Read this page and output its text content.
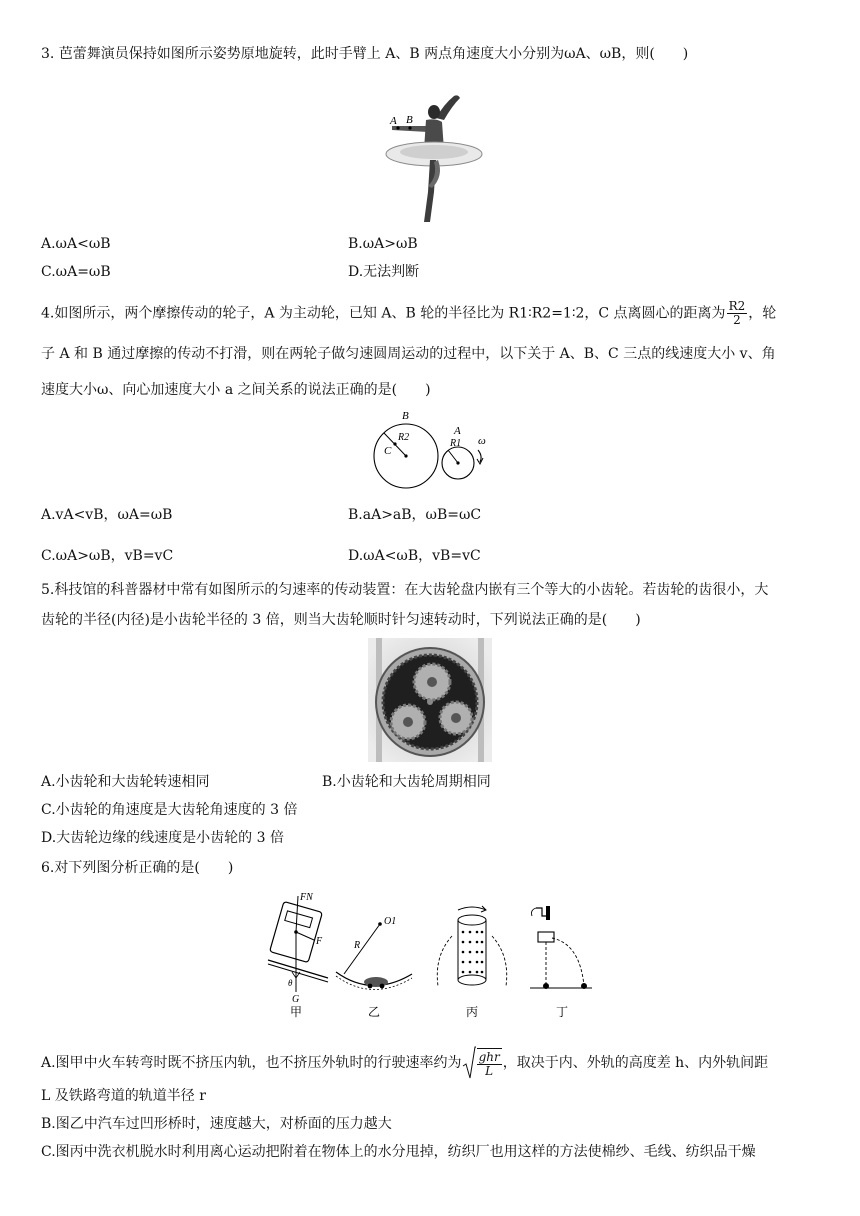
3. 芭蕾舞演员保持如图所示姿势原地旋转，此时手臂上 A、B 两点角速度大小分别为ωA、ωB，则(　　)
A B
A.ωA<ωB	B.ωA>ωB
C.ωA=ωB	D.无法判断
4.如图所示，两个摩擦传动的轮子，A 为主动轮，已知 A、B 轮的半径比为 R1∶R2=1∶2，C 点离圆心的距离为 $\frac{R2}{2}$ ，轮
子 A 和 B 通过摩擦的传动不打滑，则在两轮子做匀速圆周运动的过程中，以下关于 A、B、C 三点的线速度大小 v、角
速度大小ω、向心加速度大小 a 之间关系的说法正确的是(　　)
B
A
R2
R1
C
ω
A.vA<vB，ωA=ωB	B.aA>aB，ωB=ωC
C.ωA>ωB，vB=vC	D.ωA<ωB，vB=vC
5.科技馆的科普器材中常有如图所示的匀速率的传动装置：在大齿轮盘内嵌有三个等大的小齿轮。若齿轮的齿很小，大
齿轮的半径(内径)是小齿轮半径的 3 倍，则当大齿轮顺时针匀速转动时，下列说法正确的是(　　)
A.小齿轮和大齿轮转速相同	B.小齿轮和大齿轮周期相同
C.小齿轮的角速度是大齿轮角速度的 3 倍
D.大齿轮边缘的线速度是小齿轮的 3 倍
6.对下列图分析正确的是(　　)
FN
F
θ
G
O1
R
甲	乙	丙	丁
A.图甲中火车转弯时既不挤压内轨，也不挤压外轨时的行驶速率约为 $\frac{\text{ghr}}{L}$ ，取决于内、外轨的高度差 h、内外轨间距
L 及铁路弯道的轨道半径 r
B.图乙中汽车过凹形桥时，速度越大，对桥面的压力越大
C.图丙中洗衣机脱水时利用离心运动把附着在物体上的水分甩掉，纺织厂也用这样的方法使棉纱、毛线、纺织品干燥
